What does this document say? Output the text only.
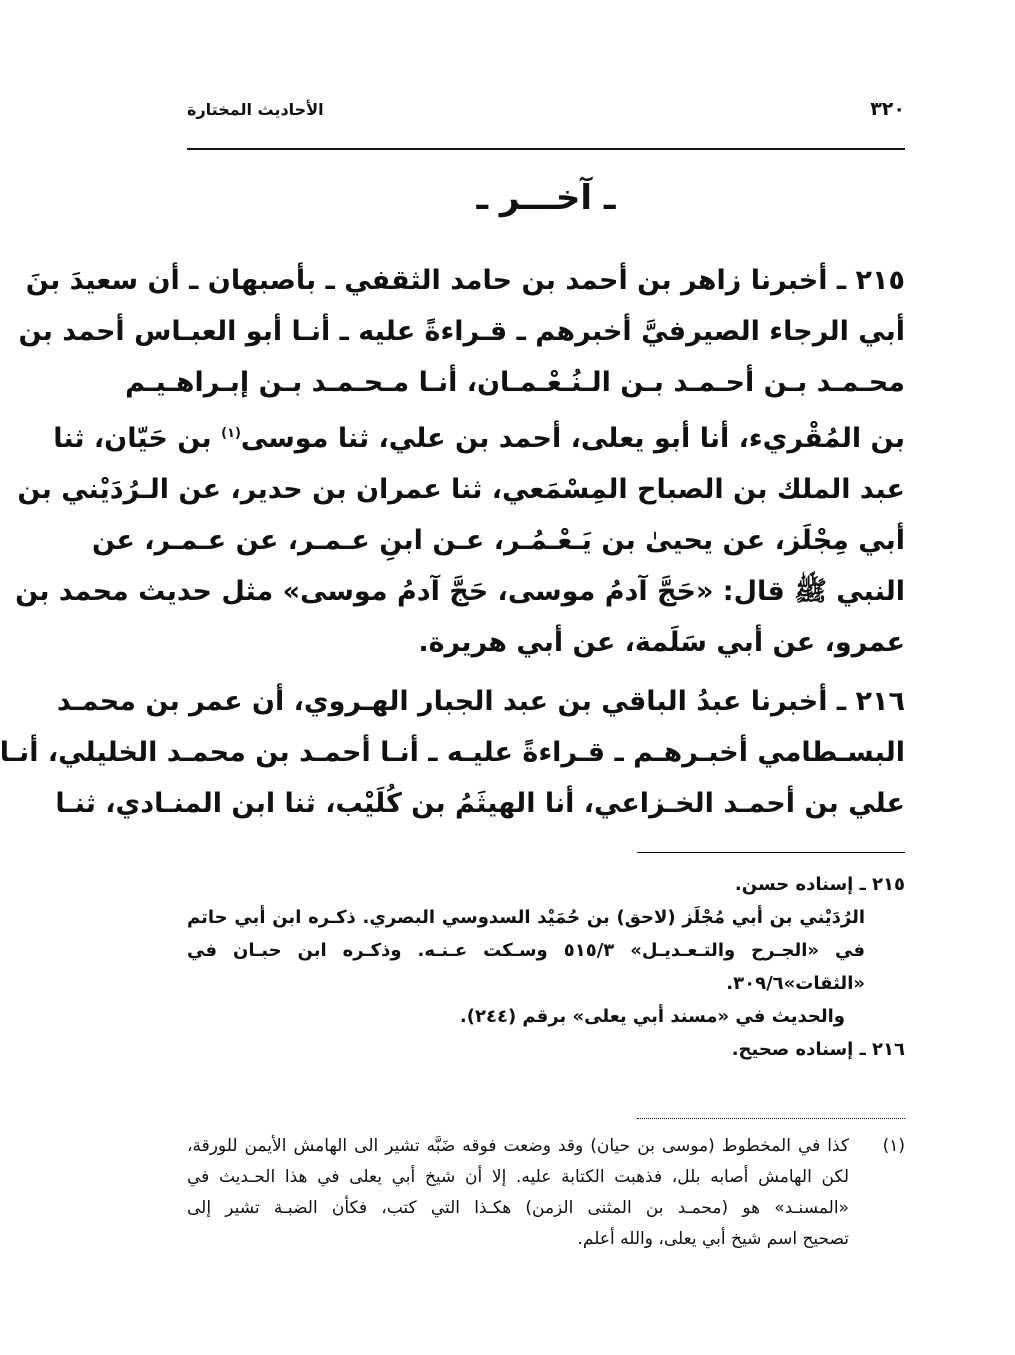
٣٢٠
الأحاديث المختارة
ـ آخـــر ـ
٢١٥ ـ أخبرنا زاهر بن أحمد بن حامد الثقفي ـ بأصبهان ـ أن سعيدَ بنَ
أبي الرجاء الصيرفيَّ أخبرهم ـ قـراءةً عليه ـ أنـا أبو العبـاس أحمد بن
محـمـد بـن أحـمـد بـن الـنُـعْـمـان، أنـا مـحـمـد بـن إبـراهـيـم
بن المُقْريء، أنا أبو يعلى، أحمد بن علي، ثنا موسى$^{(١)}$ بن حَيّان، ثنا
عبد الملك بن الصباح المِسْمَعي، ثنا عمران بن حدير، عن الـرُدَيْني بن
أبي مِجْلَز، عن يحيىٰ بن يَـعْـمُـر، عـن ابنِ عـمـر، عن عـمـر، عن
النبي ﷺ قال: «حَجَّ آدمُ موسى، حَجَّ آدمُ موسى» مثل حديث محمد بن
عمرو، عن أبي سَلَمة، عن أبي هريرة.
٢١٦ ـ أخبرنا عبدُ الباقي بن عبد الجبار الهـروي، أن عمر بن محمـد
البسـطامي أخبـرهـم ـ قـراءةً عليـه ـ أنـا أحمـد بن محمـد الخليلي، أنـا
علي بن أحمـد الخـزاعي، أنا الهيثَمُ بن كُلَيْب، ثنا ابن المنـادي، ثنـا
٢١٥ ـ إسناده حسن.
الرُدَيْني بن أبي مُجْلَز (لاحق) بن حُمَيْد السدوسي البصري. ذكـره ابن أبي حاتم
في «الجـرح والتـعـديـل» ٥١٥/٣ وسـكت عـنـه. وذكـره ابن حبـان في
«الثقات»٣٠٩/٦.
والحديث في «مسند أبي يعلى» برقم (٢٤٤).
٢١٦ ـ إسناده صحيح.
(١)
كذا في المخطوط (موسى بن حيان) وقد وضعت فوقه ضَبَّه تشير الى الهامش الأيمن للورقة،
لكن الهامش أصابه بلل، فذهبت الكتابة عليه. إلا أن شيخ أبي يعلى في هذا الحـديث في
«المسنـد» هو (محمـد بن المثنى الزمن) هكـذا التي كتب، فكأن الضبـة تشير إلى
تصحيح اسم شيخ أبي يعلى، والله أعلم.
